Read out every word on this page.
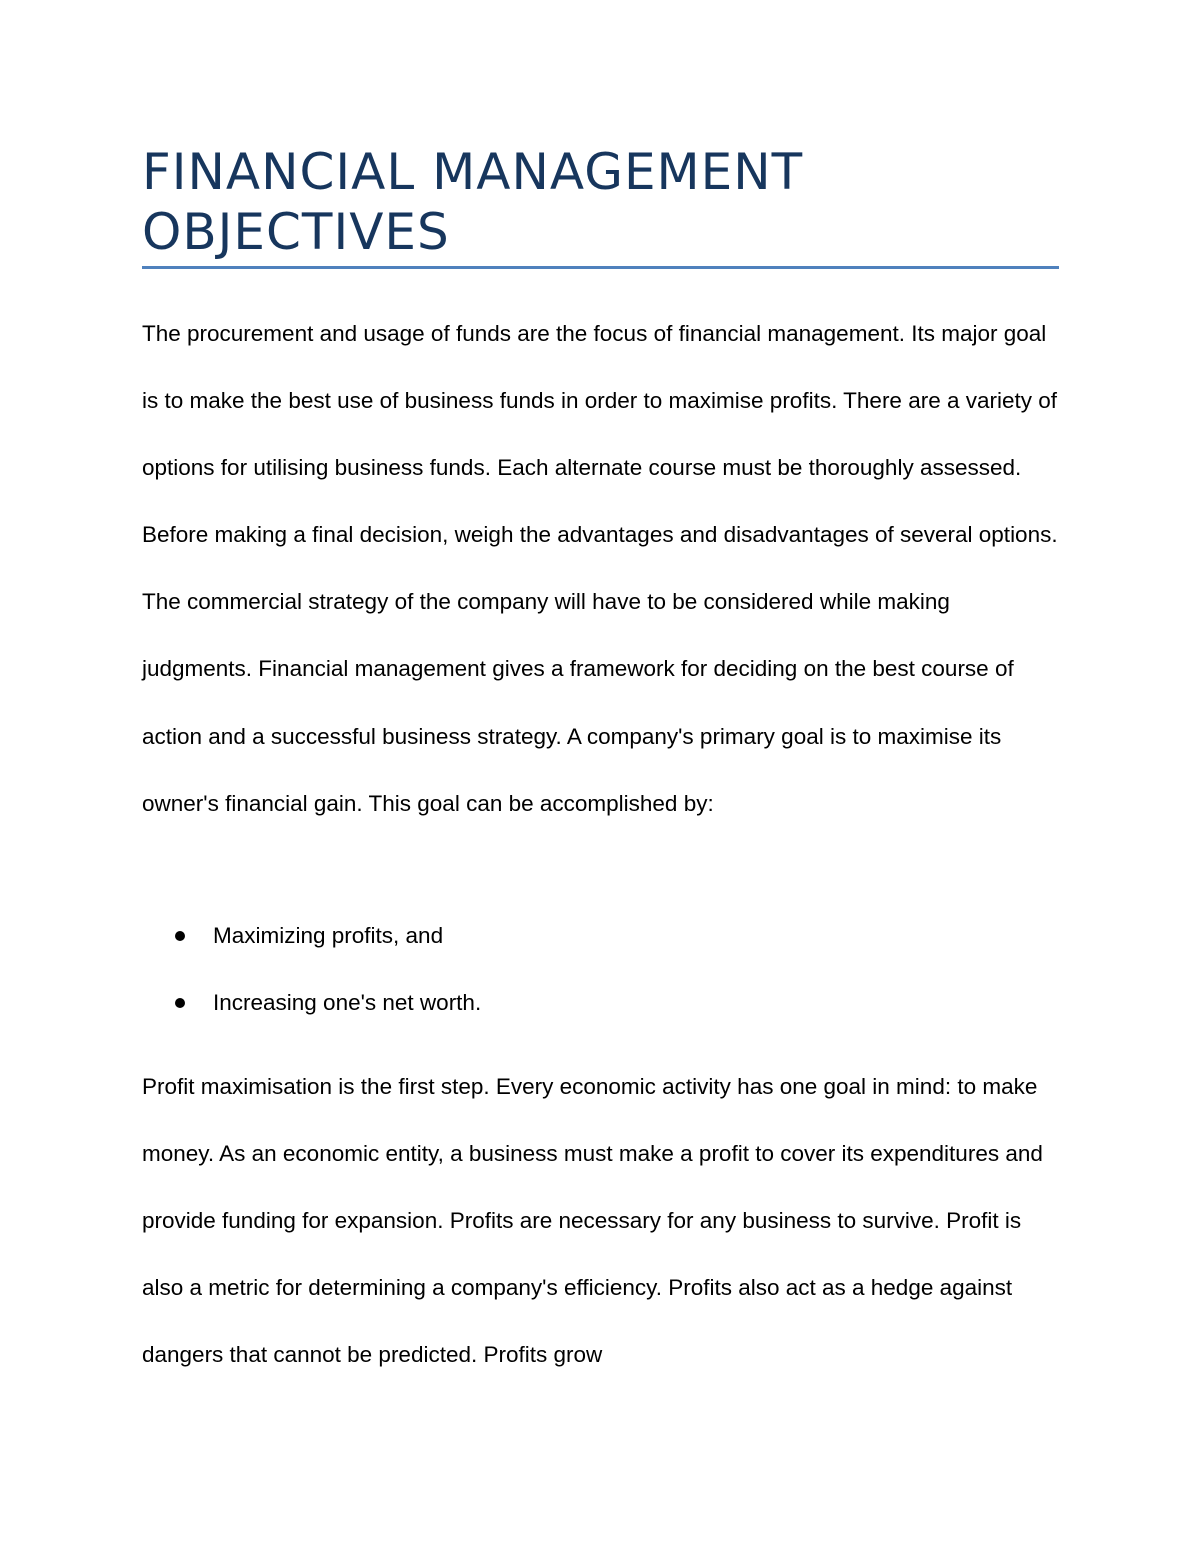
FINANCIAL MANAGEMENT
OBJECTIVES

The procurement and usage of funds are the focus of financial management. Its major goal is to make the best use of business funds in order to maximise profits. There are a variety of options for utilising business funds. Each alternate course must be thoroughly assessed. Before making a final decision, weigh the advantages and disadvantages of several options. The commercial strategy of the company will have to be considered while making judgments. Financial management gives a framework for deciding on the best course of action and a successful business strategy. A company's primary goal is to maximise its owner's financial gain. This goal can be accomplished by:

Maximizing profits, and
Increasing one's net worth.

Profit maximisation is the first step. Every economic activity has one goal in mind: to make money. As an economic entity, a business must make a profit to cover its expenditures and provide funding for expansion. Profits are necessary for any business to survive. Profit is also a metric for determining a company's efficiency. Profits also act as a hedge against dangers that cannot be predicted. Profits grow
